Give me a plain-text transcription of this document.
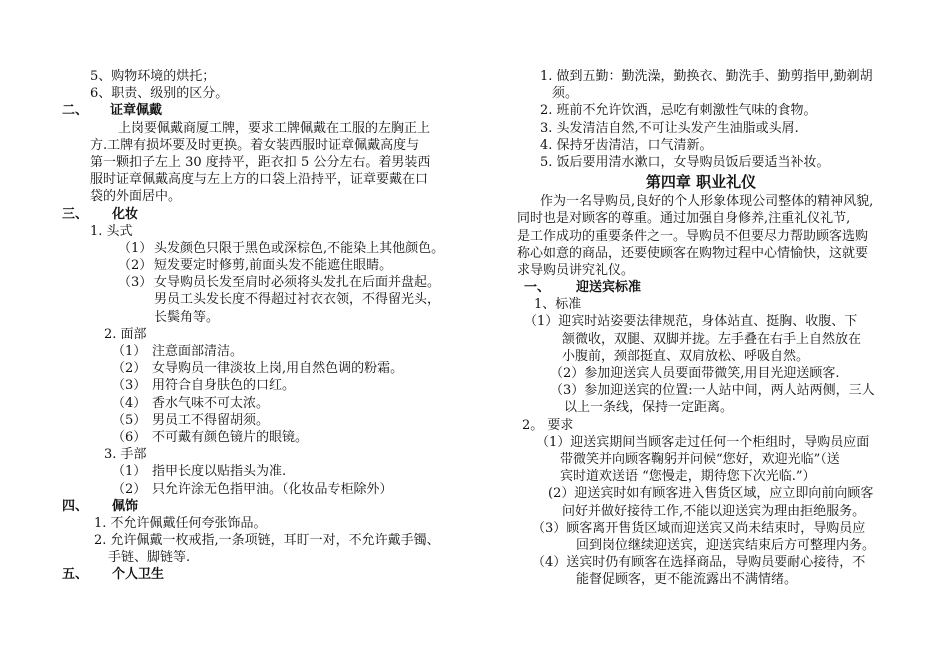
5、购物环境的烘托；
6、职责、级别的区分。
二、 证章佩戴
上岗要佩戴商厦工牌，要求工牌佩戴在工服的左胸正上
方.工牌有损坏要及时更换。着女装西服时证章佩戴高度与
第一颗扣子左上 30 度持平，距衣扣 5 公分左右。着男装西
服时证章佩戴高度与左上方的口袋上沿持平，证章要戴在口
袋的外面居中。
三、 化妆
1. 头式
（1） 头发颜色只限于黑色或深棕色,不能染上其他颜色。
（2） 短发要定时修剪,前面头发不能遮住眼睛。
（3） 女导购员长发至肩时必须将头发扎在后面并盘起。
男员工头发长度不得超过衬衣衣领，不得留光头，
长鬓角等。
2. 面部
（1） 注意面部清洁。
（2） 女导购员一律淡妆上岗,用自然色调的粉霜。
（3） 用符合自身肤色的口红。
（4） 香水气味不可太浓。
（5） 男员工不得留胡须。
（6） 不可戴有颜色镜片的眼镜。
3. 手部
（1） 指甲长度以贴指头为准.
（2） 只允许涂无色指甲油。（化妆品专柜除外）
四、 佩饰
1. 不允许佩戴任何夸张饰品。
2. 允许佩戴一枚戒指,一条项链，耳盯一对，不允许戴手镯、
手链、脚链等.
五、 个人卫生
1. 做到五勤：勤洗澡，勤换衣、勤洗手、勤剪指甲,勤剃胡
须。
2. 班前不允许饮酒，忌吃有刺激性气味的食物。
3. 头发清洁自然,不可让头发产生油脂或头屑.
4. 保持牙齿清洁，口气清新。
5. 饭后要用清水漱口，女导购员饭后要适当补妆。
第四章 职业礼仪
作为一名导购员,良好的个人形象体现公司整体的精神风貌,
同时也是对顾客的尊重。通过加强自身修养,注重礼仪礼节,
是工作成功的重要条件之一。导购员不但要尽力帮助顾客选购
称心如意的商品，还要使顾客在购物过程中心情愉快，这就要
求导购员讲究礼仪。
一、 迎送宾标准
1、标准
（1）迎宾时站姿要法律规范，身体站直、挺胸、收腹、下
颔微收，双腿、双脚并拢。左手叠在右手上自然放在
小腹前，颈部挺直、双肩放松、呼吸自然。
（2）参加迎送宾人员要面带微笑,用目光迎送顾客.
（3）参加迎送宾的位置:一人站中间，两人站两侧，三人
以上一条线，保持一定距离。
2。 要求
（1）迎送宾期间当顾客走过任何一个柜组时，导购员应面
带微笑并向顾客鞠躬并问候“您好，欢迎光临”（送
宾时道欢送语 “您慢走，期待您下次光临.”）
(2）迎送宾时如有顾客进入售货区域，应立即向前向顾客
问好并做好接待工作,不能以迎送宾为理由拒绝服务。
（3）顾客离开售货区域而迎送宾又尚未结束时，导购员应
回到岗位继续迎送宾，迎送宾结束后方可整理内务。
（4）送宾时仍有顾客在选择商品，导购员要耐心接待，不
能督促顾客，更不能流露出不满情绪。
